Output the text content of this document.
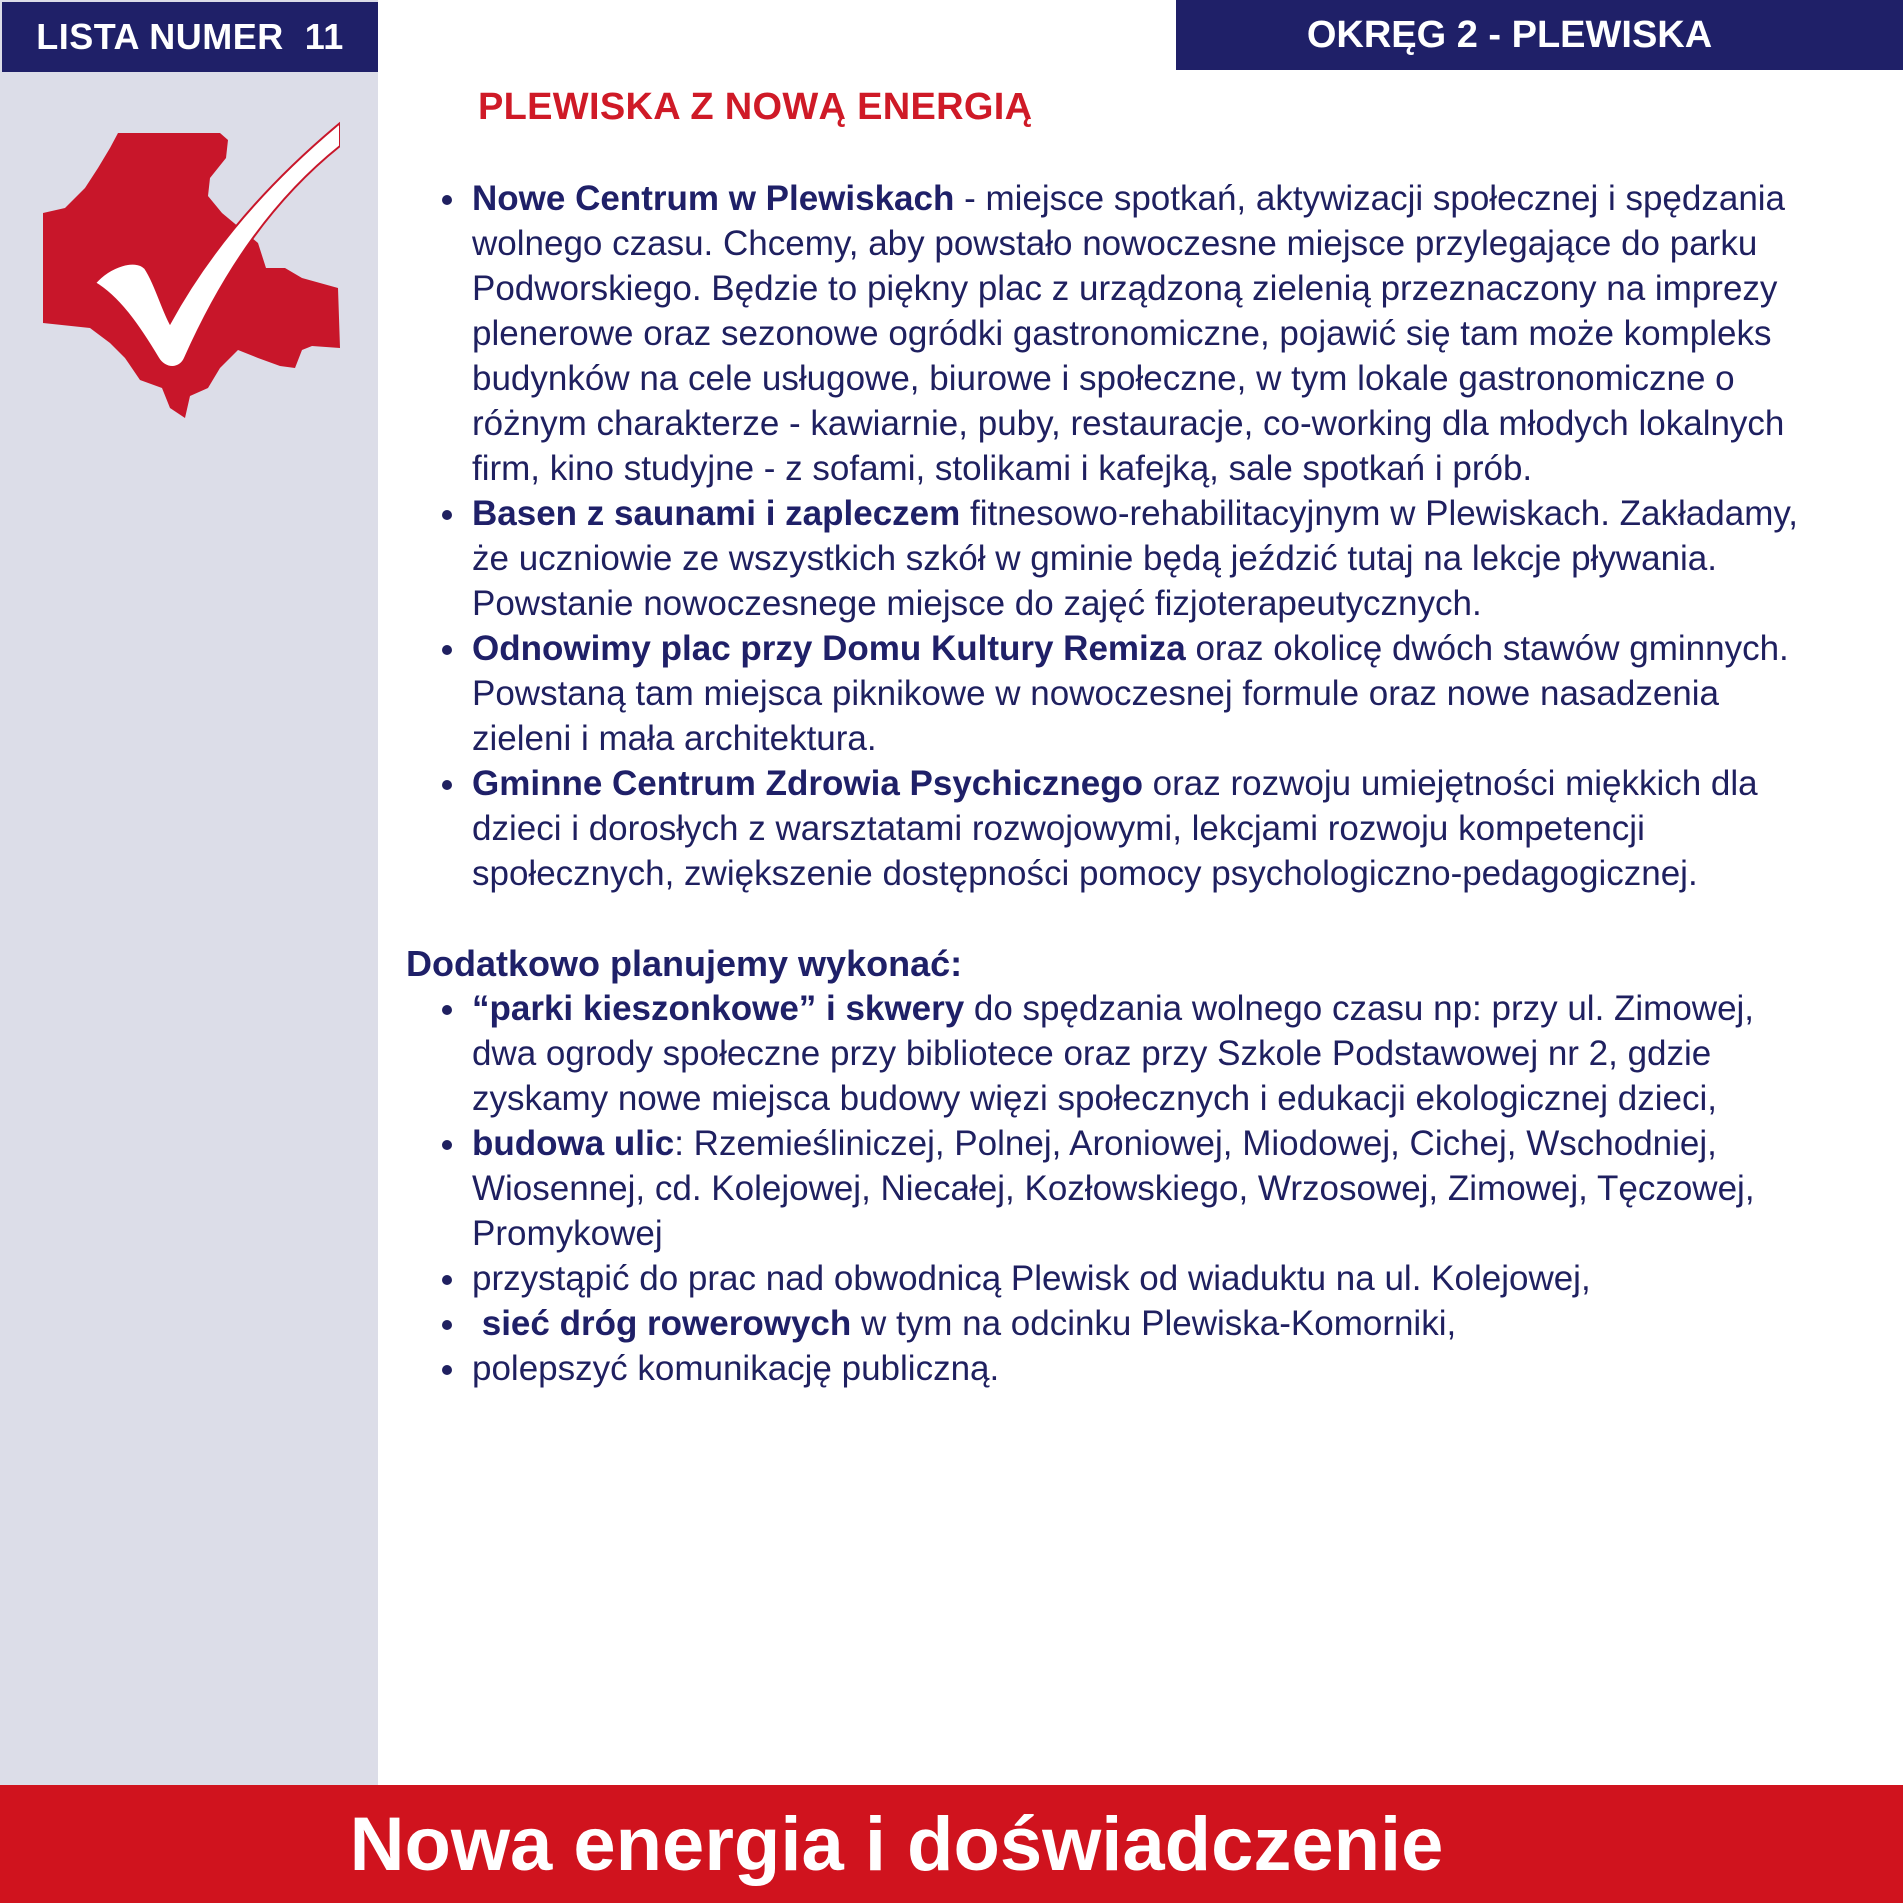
LISTA NUMER  11	OKRĘG 2 - PLEWISKA
PLEWISKA Z NOWĄ ENERGIĄ
Nowe Centrum w Plewiskach - miejsce spotkań, aktywizacji społecznej i spędzania wolnego czasu. Chcemy, aby powstało nowoczesne miejsce przylegające do parku Podworskiego. Będzie to piękny plac z urządzoną zielenią przeznaczony na imprezy plenerowe oraz sezonowe ogródki gastronomiczne, pojawić się tam może kompleks budynków na cele usługowe, biurowe i społeczne, w tym lokale gastronomiczne o różnym charakterze - kawiarnie, puby, restauracje, co-working dla młodych lokalnych firm, kino studyjne - z sofami, stolikami i kafejką, sale spotkań i prób.
Basen z saunami i zapleczem fitnesowo-rehabilitacyjnym w Plewiskach. Zakładamy, że uczniowie ze wszystkich szkół w gminie będą jeździć tutaj na lekcje pływania. Powstanie nowoczesnege miejsce do zajęć fizjoterapeutycznych.
Odnowimy plac przy Domu Kultury Remiza oraz okolicę dwóch stawów gminnych. Powstaną tam miejsca piknikowe w nowoczesnej formule oraz nowe nasadzenia zieleni i mała architektura.
Gminne Centrum Zdrowia Psychicznego oraz rozwoju umiejętności miękkich dla dzieci i dorosłych z warsztatami rozwojowymi, lekcjami rozwoju kompetencji społecznych, zwiększenie dostępności pomocy psychologiczno-pedagogicznej.
Dodatkowo planujemy wykonać:
“parki kieszonkowe” i skwery do spędzania wolnego czasu np: przy ul. Zimowej, dwa ogrody społeczne przy bibliotece oraz przy Szkole Podstawowej nr 2, gdzie zyskamy nowe miejsca budowy więzi społecznych i edukacji ekologicznej dzieci,
budowa ulic: Rzemieśliniczej, Polnej, Aroniowej, Miodowej, Cichej, Wschodniej, Wiosennej, cd. Kolejowej, Niecałej, Kozłowskiego, Wrzosowej, Zimowej, Tęczowej, Promykowej
przystąpić do prac nad obwodnicą Plewisk od wiaduktu na ul. Kolejowej,
sieć dróg rowerowych w tym na odcinku Plewiska-Komorniki,
polepszyć komunikację publiczną.
Nowa energia i doświadczenie
